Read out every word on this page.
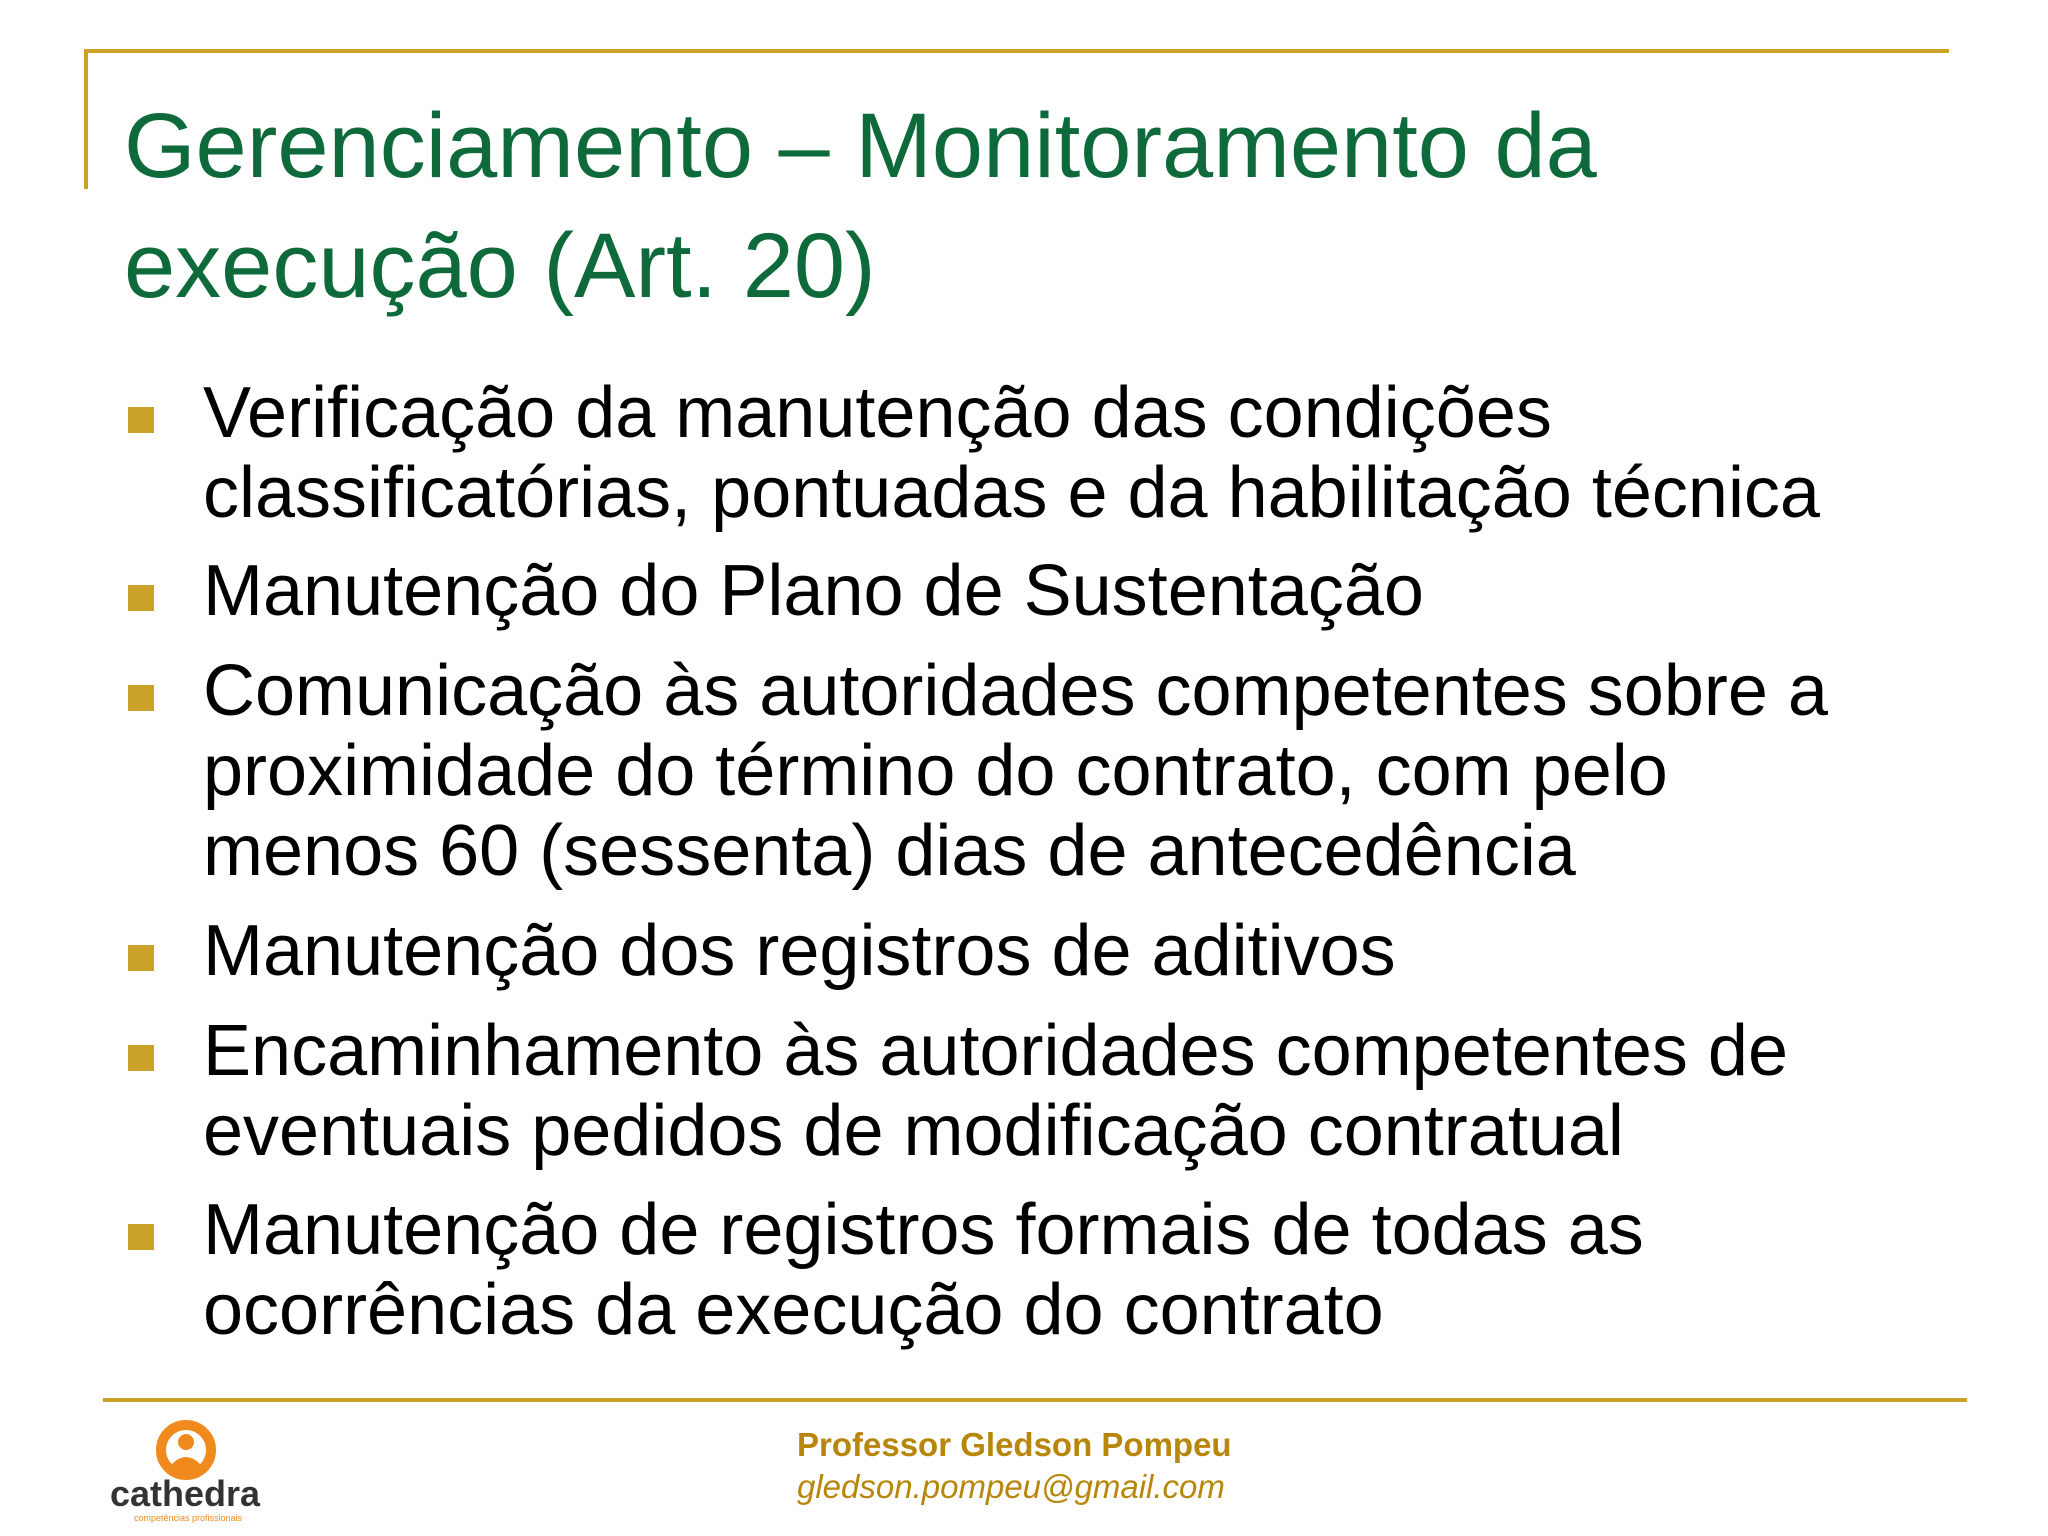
Gerenciamento – Monitoramento da
execução (Art. 20)
Verificação da manutenção das condições
classificatórias, pontuadas e da habilitação técnica
Manutenção do Plano de Sustentação
Comunicação às autoridades competentes sobre a
proximidade do término do contrato, com pelo
menos 60 (sessenta) dias de antecedência
Manutenção dos registros de aditivos
Encaminhamento às autoridades competentes de
eventuais pedidos de modificação contratual
Manutenção de registros formais de todas as
ocorrências da execução do contrato
cathedra
competências profissionais
Professor Gledson Pompeu
gledson.pompeu@gmail.com
